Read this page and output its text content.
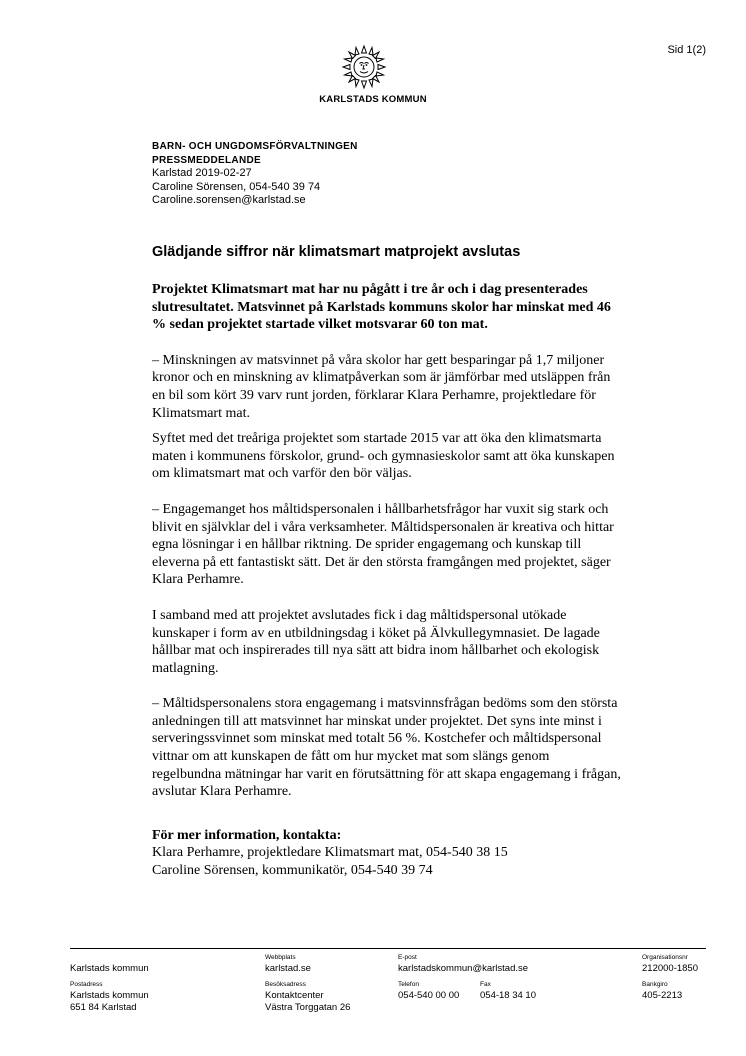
Sid 1(2)
KARLSTADS KOMMUN
BARN- OCH UNGDOMSFÖRVALTNINGEN
PRESSMEDDELANDE
Karlstad 2019-02-27
Caroline Sörensen, 054-540 39 74
Caroline.sorensen@karlstad.se
Glädjande siffror när klimatsmart matprojekt avslutas

Projektet Klimatsmart mat har nu pågått i tre år och i dag presenterades slutresultatet. Matsvinnet på Karlstads kommuns skolor har minskat med 46 % sedan projektet startade vilket motsvarar 60 ton mat.

– Minskningen av matsvinnet på våra skolor har gett besparingar på 1,7 miljoner kronor och en minskning av klimatpåverkan som är jämförbar med utsläppen från en bil som kört 39 varv runt jorden, förklarar Klara Perhamre, projektledare för Klimatsmart mat.

Syftet med det treåriga projektet som startade 2015 var att öka den klimatsmarta maten i kommunens förskolor, grund- och gymnasieskolor samt att öka kunskapen om klimatsmart mat och varför den bör väljas.

– Engagemanget hos måltidspersonalen i hållbarhetsfrågor har vuxit sig stark och blivit en självklar del i våra verksamheter. Måltidspersonalen är kreativa och hittar egna lösningar i en hållbar riktning. De sprider engagemang och kunskap till eleverna på ett fantastiskt sätt. Det är den största framgången med projektet, säger Klara Perhamre.

I samband med att projektet avslutades fick i dag måltidspersonal utökade kunskaper i form av en utbildningsdag i köket på Älvkullegymnasiet. De lagade hållbar mat och inspirerades till nya sätt att bidra inom hållbarhet och ekologisk matlagning.

– Måltidspersonalens stora engagemang i matsvinnsfrågan bedöms som den största anledningen till att matsvinnet har minskat under projektet. Det syns inte minst i serveringssvinnet som minskat med totalt 56 %. Kostchefer och måltidspersonal vittnar om att kunskapen de fått om hur mycket mat som slängs genom regelbundna mätningar har varit en förutsättning för att skapa engagemang i frågan, avslutar Klara Perhamre.

För mer information, kontakta:

Klara Perhamre, projektledare Klimatsmart mat, 054-540 38 15

Caroline Sörensen, kommunikatör, 054-540 39 74

Karlstads kommun
Webbplats
karlstad.se
E-post
karlstadskommun@karlstad.se
Organisationsnr
212000-1850
Postadress
Karlstads kommun
651 84 Karlstad
Besöksadress
Kontaktcenter
Västra Torggatan 26
Telefon
054-540 00 00
Fax
054-18 34 10
Bankgiro
405-2213
